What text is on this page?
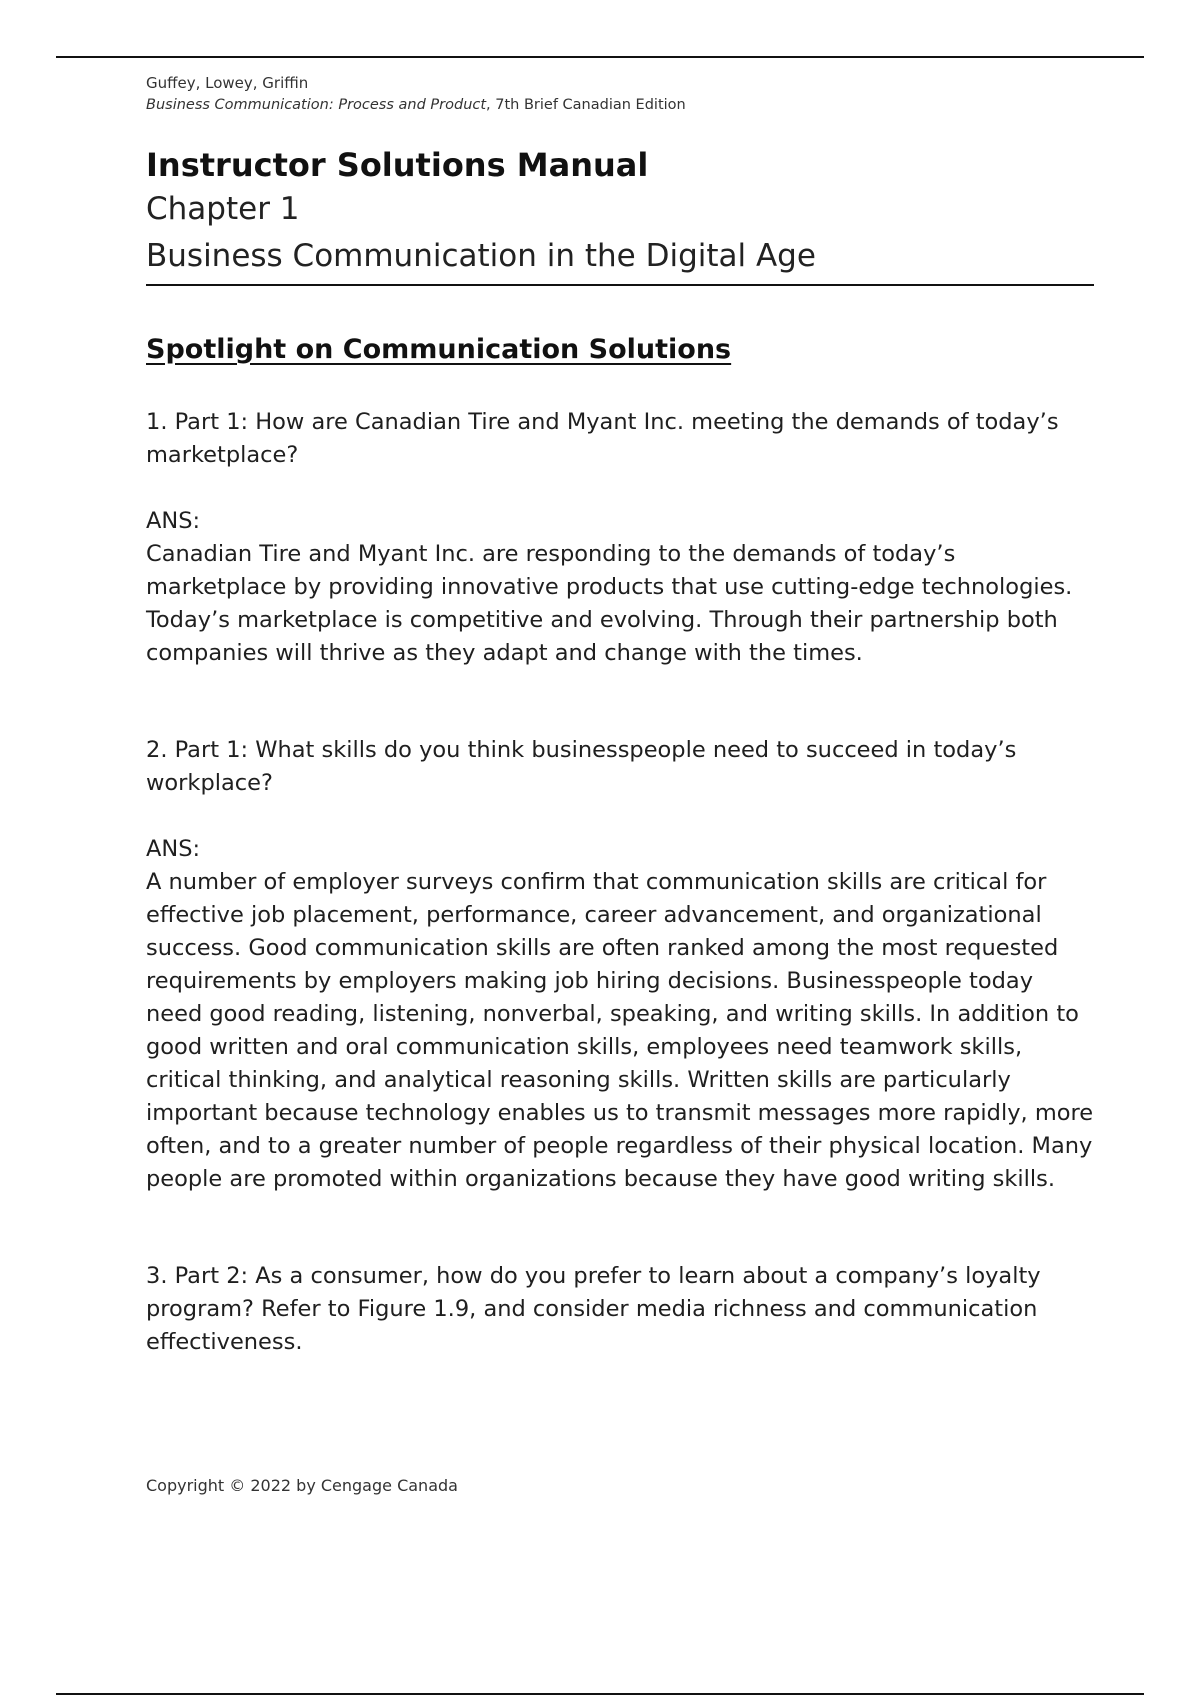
Guffey, Lowey, Griffin
Business Communication: Process and Product, 7th Brief Canadian Edition
Instructor Solutions Manual
Chapter 1
Business Communication in the Digital Age
Spotlight on Communication Solutions
1. Part 1: How are Canadian Tire and Myant Inc. meeting the demands of today’s marketplace?
ANS:
Canadian Tire and Myant Inc. are responding to the demands of today’s marketplace by providing innovative products that use cutting-edge technologies. Today’s marketplace is competitive and evolving. Through their partnership both companies will thrive as they adapt and change with the times.
2. Part 1: What skills do you think businesspeople need to succeed in today’s workplace?
ANS:
A number of employer surveys confirm that communication skills are critical for effective job placement, performance, career advancement, and organizational success. Good communication skills are often ranked among the most requested requirements by employers making job hiring decisions. Businesspeople today need good reading, listening, nonverbal, speaking, and writing skills. In addition to good written and oral communication skills, employees need teamwork skills, critical thinking, and analytical reasoning skills. Written skills are particularly important because technology enables us to transmit messages more rapidly, more often, and to a greater number of people regardless of their physical location. Many people are promoted within organizations because they have good writing skills.
3. Part 2: As a consumer, how do you prefer to learn about a company’s loyalty program? Refer to Figure 1.9, and consider media richness and communication effectiveness.
Copyright © 2022 by Cengage Canada
